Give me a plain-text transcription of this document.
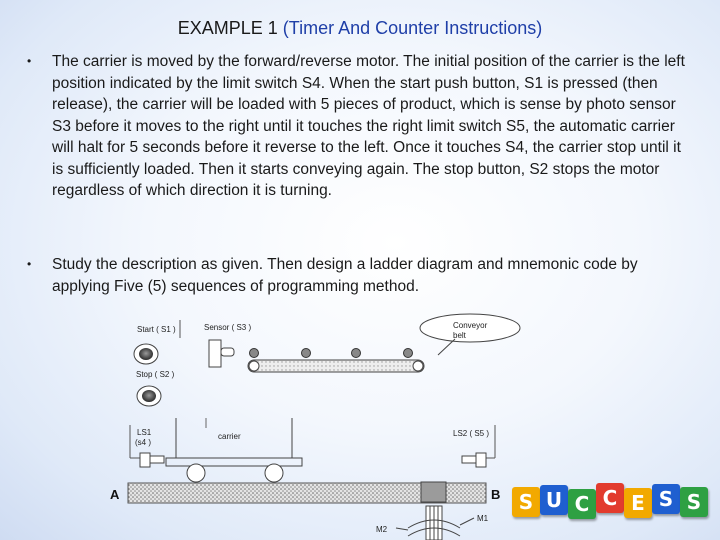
EXAMPLE 1 (Timer And Counter Instructions)
• The carrier is moved by the forward/reverse motor. The initial position of the carrier is the left position indicated by the limit switch S4. When the start push button, S1 is pressed (then release), the carrier will be loaded with 5 pieces of product, which is sense by photo sensor S3 before it moves to the right until it touches the right limit switch S5, the automatic carrier will halt for 5 seconds before it reverse to the left. Once it touches S4, the carrier stop until it is sufficiently loaded. Then it starts conveying again. The stop button, S2 stops the motor regardless of which direction it is turning.
• Study the description as given. Then design a ladder diagram and mnemonic code by applying Five (5) sequences of programming method.
Start ( S1 )	Sensor ( S3 )	Conveyor
belt
Stop ( S2 )
LS1
(s4 )
carrier	LS2 ( S5 )
A	B
M1
M2
S U C C E S S
